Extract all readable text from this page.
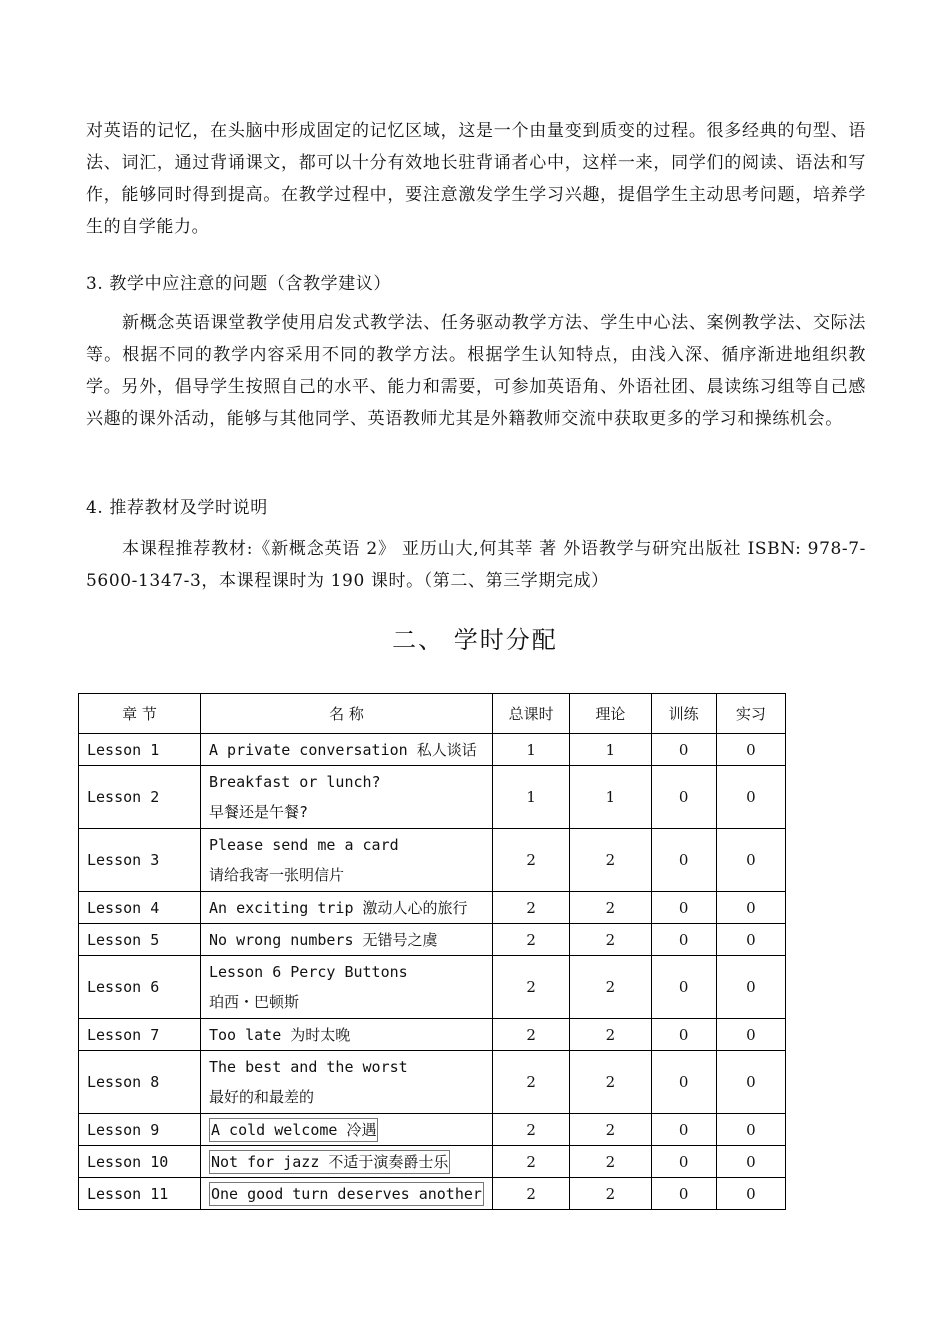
对英语的记忆，在头脑中形成固定的记忆区域，这是一个由量变到质变的过程。很多经典的句型、语法、词汇，通过背诵课文，都可以十分有效地长驻背诵者心中，这样一来，同学们的阅读、语法和写作，能够同时得到提高。在教学过程中，要注意激发学生学习兴趣，提倡学生主动思考问题，培养学生的自学能力。

3. 教学中应注意的问题（含教学建议）

新概念英语课堂教学使用启发式教学法、任务驱动教学方法、学生中心法、案例教学法、交际法等。根据不同的教学内容采用不同的教学方法。根据学生认知特点，由浅入深、循序渐进地组织教学。另外，倡导学生按照自己的水平、能力和需要，可参加英语角、外语社团、晨读练习组等自己感兴趣的课外活动，能够与其他同学、英语教师尤其是外籍教师交流中获取更多的学习和操练机会。

4. 推荐教材及学时说明

本课程推荐教材:《新概念英语 2》 亚历山大,何其莘 著 外语教学与研究出版社 ISBN: 978-7-5600-1347-3，本课程课时为 190 课时。（第二、第三学期完成）

二、 学时分配
章 节	名 称	总课时	理论	训练	实习
Lesson 1	A private conversation 私人谈话	1	1	0	0
Lesson 2	Breakfast or lunch?
早餐还是午餐?	1	1	0	0
Lesson 3	Please send me a card
请给我寄一张明信片	2	2	0	0
Lesson 4	An exciting trip 激动人心的旅行	2	2	0	0
Lesson 5	No wrong numbers 无错号之虞	2	2	0	0
Lesson 6	Lesson 6 Percy Buttons
珀西・巴顿斯	2	2	0	0
Lesson 7	Too late 为时太晚	2	2	0	0
Lesson 8	The best and the worst
最好的和最差的	2	2	0	0
Lesson 9	A cold welcome 冷遇	2	2	0	0
Lesson 10	Not for jazz 不适于演奏爵士乐	2	2	0	0
Lesson 11	One good turn deserves another	2	2	0	0
